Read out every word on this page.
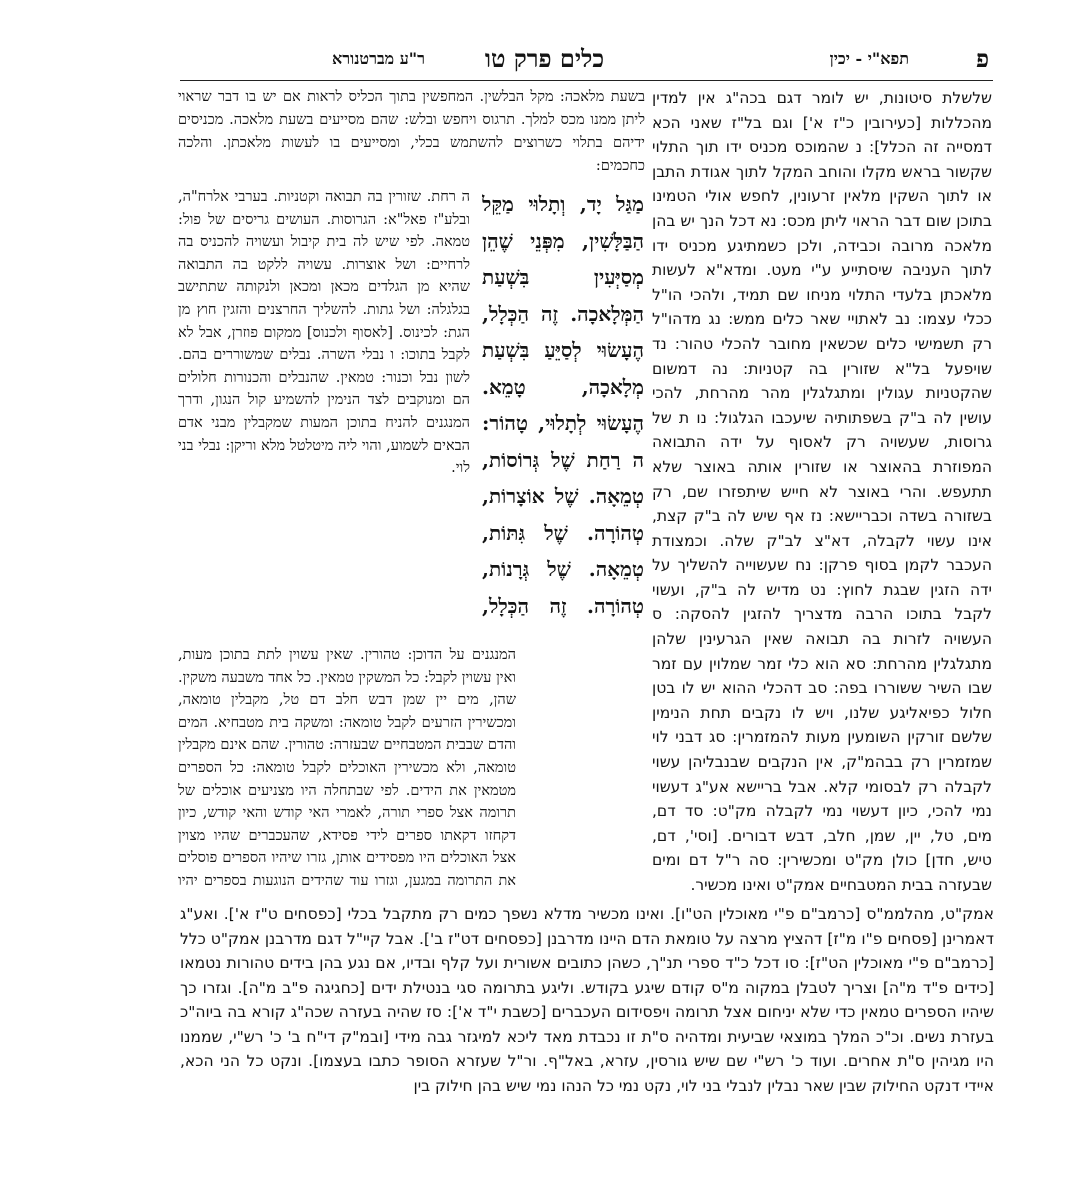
פ
תפא"י - יכין
כלים פרק טו
ר"ע מברטנורא
שלשלת סיטונות, יש לומר דגם בכה"ג אין למדין מהכללות [כעירובין כ"ז א'] וגם בל"ז שאני הכא דמסייה זה הכלל]: נ שהמוכס מכניס ידו תוך התלוי שקשור בראש מקלו והוחב המקל לתוך אגודת התבן או לתוך השקין מלאין זרעונין, לחפש אולי הטמינו בתוכן שום דבר הראוי ליתן מכס: נא דכל הנך יש בהן מלאכה מרובה וכבידה, ולכן כשמתיגע מכניס ידו לתוך העניבה שיסתייע ע"י מעט. ומדא"א לעשות מלאכתן בלעדי התלוי מניחו שם תמיד, ולהכי הו"ל ככלי עצמו: נב לאתויי שאר כלים ממש: נג מדהו"ל רק תשמישי כלים שכשאין מחובר להכלי טהור: נד שויפעל בל"א שזורין בה קטניות: נה דמשום שהקטניות עגולין ומתגלגלין מהר מהרחת, להכי עושין לה ב"ק בשפתותיה שיעכבו הגלגול: נו ת של גרוסות, שעשויה רק לאסוף על ידה התבואה המפוזרת בהאוצר או שזורין אותה באוצר שלא תתעפש. והרי באוצר לא חייש שיתפזרו שם, רק בשזורה בשדה וכבריישא: נז אף שיש לה ב"ק קצת, אינו עשוי לקבלה, דא"צ לב"ק שלה. וכמצודת העכבר לקמן בסוף פרקן: נח שעשוייה להשליך על ידה הזגין שבגת לחוץ: נט מדיש לה ב"ק, ועשוי לקבל בתוכו הרבה מדצריך להזגין להסקה: ס העשויה לזרות בה תבואה שאין הגרעינין שלהן מתגלגלין מהרחת: סא הוא כלי זמר שמלוין עם זמר שבו השיר ששוררו בפה: סב דהכלי ההוא יש לו בטן חלול כפיאליגע שלנו, ויש לו נקבים תחת הנימין שלשם זורקין השומעין מעות להמזמרין: סג דבני לוי שמזמרין רק בבהמ"ק, אין הנקבים שבנבליהן עשוי לקבלה רק לבסומי קלא. אבל בריישא אע"ג דעשוי נמי להכי, כיון דעשוי נמי לקבלה מק"ט: סד דם, מים, טל, יין, שמן, חלב, דבש דבורים. [וסי', דם, טיש, חדן] כולן מק"ט ומכשירין: סה ר"ל דם ומים שבעזרה בבית המטבחיים אמק"ט ואינו מכשיר.
בשעת מלאכה: מקל הבלשין. המחפשין בתוך הכליס לראות אם יש בו דבר שראוי ליתן ממנו מכס למלך. תרגוס ויחפש ובלש: שהם מסייעים בשעת מלאכה. מכניסים ידיהם בתלוי כשרוצים להשתמש בכלי, ומסייעים בו לעשות מלאכתן. והלכה כחכמים:
מַגַּל יָד, וְתָלוּי מַקֵּל הַבַּלָּשִׁין, מִפְּנֵי שֶׁהֵן מְסַיְּעִין בִּשְׁעַת הַמְּלָאכָה. זֶה הַכְּלָל, הֶעָשׂוּי לְסַיֵּעַ בִּשְׁעַת מְלָאכָה, טָמֵא. הֶעָשׂוּי לְתָלוּי, טָהוֹר: ה רַחַת שֶׁל גְּרוֹסוֹת, טְמֵאָה. שֶׁל אוֹצָרוֹת, טְהוֹרָה. שֶׁל גִּתּוֹת, טְמֵאָה. שֶׁל גְּרָנוֹת, טְהוֹרָה. זֶה הַכְּלָל,
ה רחת. שזורין בה תבואה וקטניות. בערבי אלרח"ה, ובלע"ז פאל"א: הגרוסות. העושים גריסים של פול: טמאה. לפי שיש לה בית קיבול ועשויה להכניס בה לרחיים: ושל אוצרות. עשויה ללקט בה התבואה שהיא מן הגלדים מכאן ומכאן ולנקותה שתתישב בגלגלה: ושל גתות. להשליך החרצנים והזגין חוץ מן הגת: לכינוס. [לאסוף ולכנוס] ממקום פוזרן, אבל לא לקבל בתוכו: ו נבלי השרה. נבלים שמשוררים בהם. לשון נבל וכנור: טמאין. שהנבלים והכנורות חלולים הם ומנוקבים לצד הנימין להשמיע קול הנגון, ודרך המנגנים להניח בתוכן המעות שמקבלין מבני אדם הבאים לשמוע, והוי ליה מיטלטל מלא וריקן: נבלי בני לוי.
המנגנים על הדוכן: טהורין. שאין עשוין לתת בתוכן מעות, ואין עשוין לקבל: כל המשקין טמאין. כל אחד משבעה משקין. שהן, מים יין שמן דבש חלב דם טל, מקבלין טומאה, ומכשירין הזרעים לקבל טומאה: ומשקה בית מטבחיא. המים והדם שבבית המטבחיים שבעזרה: טהורין. שהם אינם מקבלין טומאה, ולא מכשירין האוכלים לקבל טומאה: כל הספרים מטמאין את הידים. לפי שבתחלה היו מצניעים אוכלים של תרומה אצל ספרי תורה, לאמרי האי קודש והאי קודש, כיון דקחזו דקאתו ספרים לידי פסידא, שהעכברים שהיו מצוין אצל האוכלים היו מפסידים אותן, גזרו שיהיו הספרים פוסלים את התרומה במגען, וגזרו עוד שהידים הנוגעות בספרים יהיו
אמק"ט, מהלממ"ס [כרמב"ם פ"י מאוכלין הט"ו]. ואינו מכשיר מדלא נשפך כמים רק מתקבל בכלי [כפסחים ט"ז א']. ואע"ג דאמרינן [פסחים פ"ו מ"ז] דהציץ מרצה על טומאת הדם היינו מדרבנן [כפסחים דט"ז ב']. אבל קיי"ל דגם מדרבנן אמק"ט כלל [כרמב"ם פ"י מאוכלין הט"ז]: סו דכל כ"ד ספרי תנ"ך, כשהן כתובים אשורית ועל קלף ובדיו, אם נגע בהן בידים טהורות נטמאו [כידים פ"ד מ"ה] וצריך לטבלן במקוה מ"ס קודם שיגע בקודש. וליגע בתרומה סגי בנטילת ידים [כחגיגה פ"ב מ"ה]. וגזרו כך שיהיו הספרים טמאין כדי שלא יניחום אצל תרומה ויפסידום העכברים [כשבת י"ד א']: סז שהיה בעזרה שכה"ג קורא בה ביוה"כ בעזרת נשים. וכ"כ המלך במוצאי שביעית ומדהיה ס"ת זו נכבדת מאד ליכא למיגזר גבה מידי [ובמ"ק די"ח ב' כ' רש"י, שממנו היו מגיהין ס"ת אחרים. ועוד כ' רש"י שם שיש גורסין, עזרא, באל"ף. ור"ל שעזרא הסופר כתבו בעצמו]. ונקט כל הני הכא, איידי דנקט החילוק שבין שאר נבלין לנבלי בני לוי, נקט נמי כל הנהו נמי שיש בהן חילוק בין
